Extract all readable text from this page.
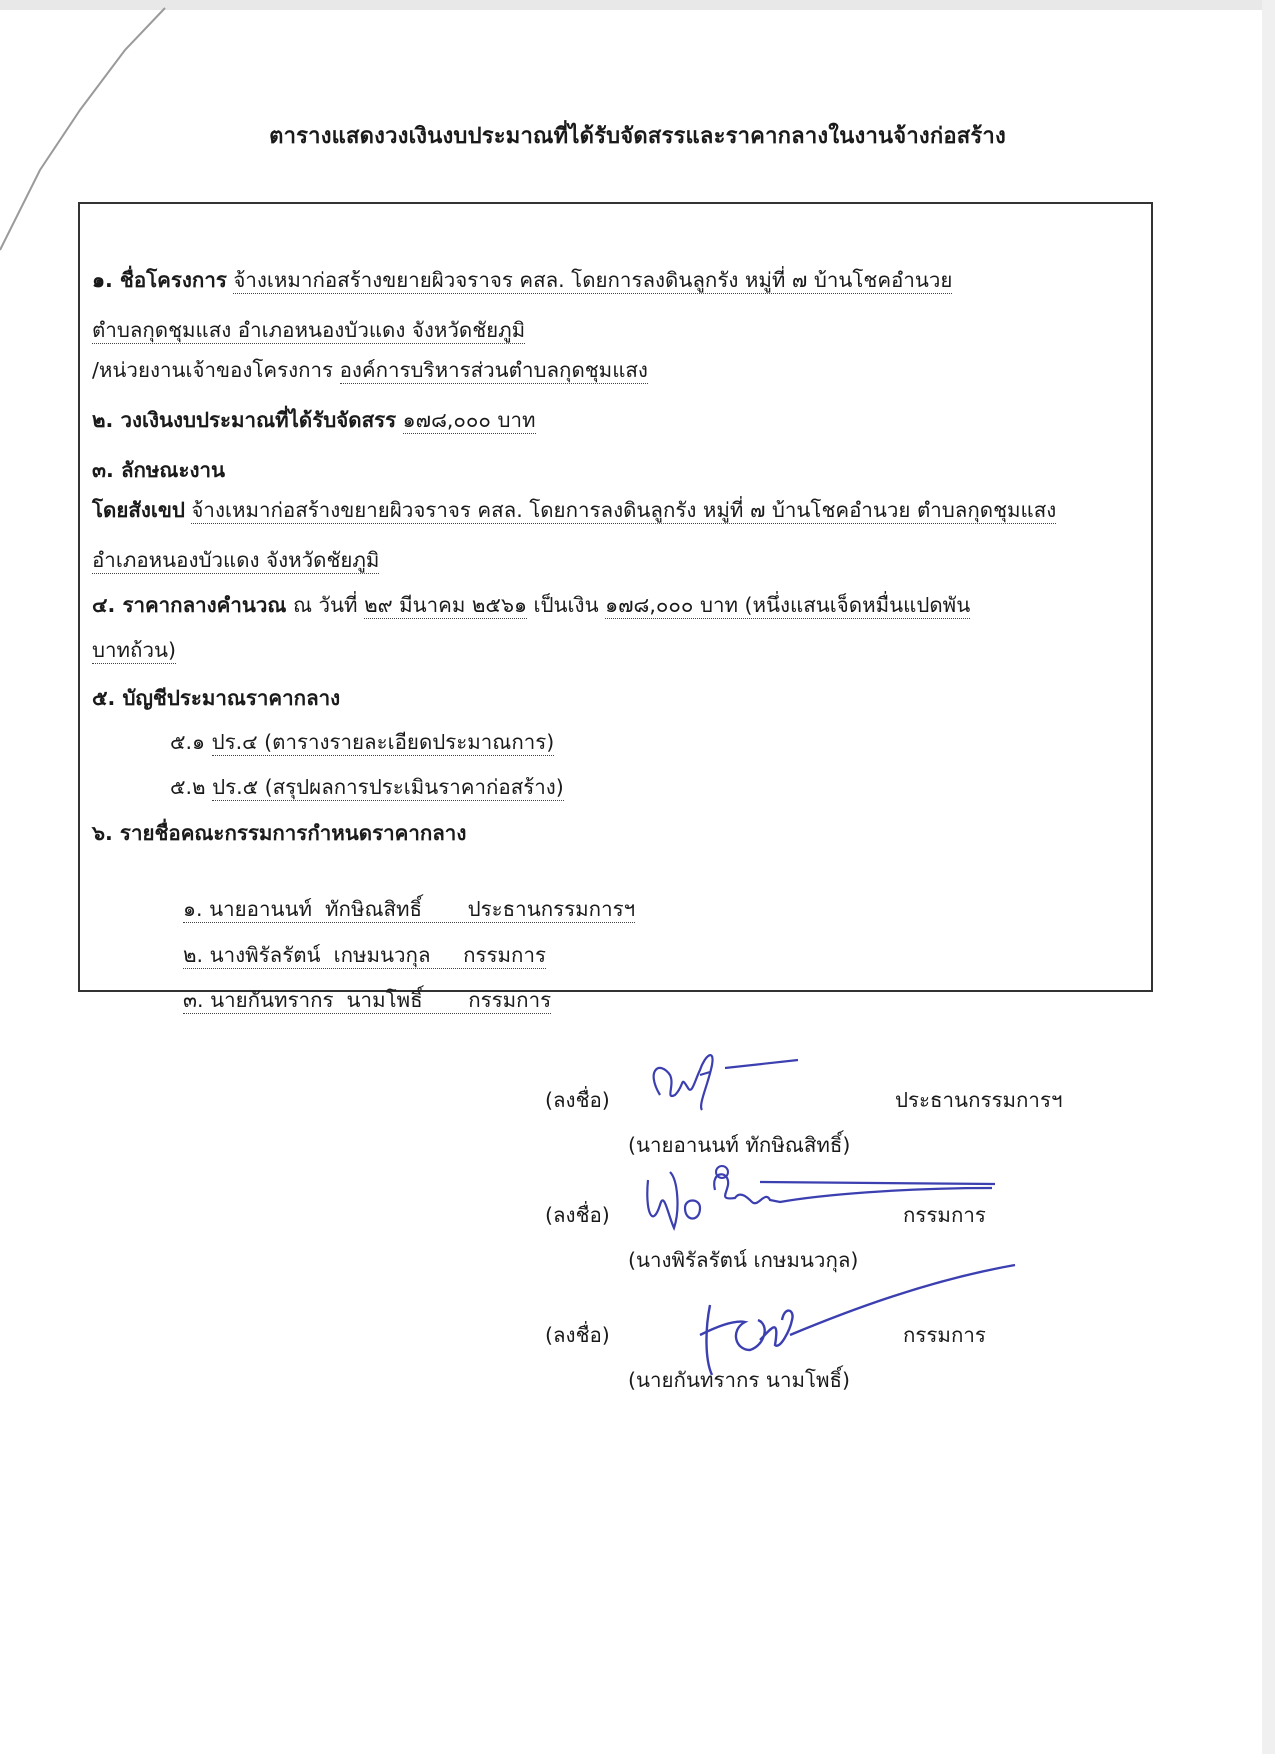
ตารางแสดงวงเงินงบประมาณที่ได้รับจัดสรรและราคากลางในงานจ้างก่อสร้าง
๑. ชื่อโครงการ จ้างเหมาก่อสร้างขยายผิวจราจร คสล. โดยการลงดินลูกรัง หมู่ที่ ๗ บ้านโชคอำนวย
ตำบลกุดชุมแสง อำเภอหนองบัวแดง จังหวัดชัยภูมิ
/หน่วยงานเจ้าของโครงการ องค์การบริหารส่วนตำบลกุดชุมแสง
๒. วงเงินงบประมาณที่ได้รับจัดสรร ๑๗๘,๐๐๐ บาท
๓. ลักษณะงาน
โดยสังเขป จ้างเหมาก่อสร้างขยายผิวจราจร คสล. โดยการลงดินลูกรัง หมู่ที่ ๗ บ้านโชคอำนวย ตำบลกุดชุมแสง
อำเภอหนองบัวแดง จังหวัดชัยภูมิ
๔. ราคากลางคำนวณ ณ วันที่ ๒๙ มีนาคม ๒๕๖๑ เป็นเงิน ๑๗๘,๐๐๐ บาท (หนึ่งแสนเจ็ดหมื่นแปดพัน
บาทถ้วน)
๕. บัญชีประมาณราคากลาง
๕.๑ ปร.๔ (ตารางรายละเอียดประมาณการ)
๕.๒ ปร.๕ (สรุปผลการประเมินราคาก่อสร้าง)
๖. รายชื่อคณะกรรมการกำหนดราคากลาง

๑. นายอานนท์  ทักษิณสิทธิ์       ประธานกรรมการฯ

๒. นางพิรัลรัตน์  เกษมนวกุล     กรรมการ

๓. นายกันทรากร  นามโพธิ์       กรรมการ

(ลงชื่อ)	ประธานกรรมการฯ
(นายอานนท์ ทักษิณสิทธิ์)
(ลงชื่อ)	กรรมการ
(นางพิรัลรัตน์ เกษมนวกุล)
(ลงชื่อ)	กรรมการ
(นายกันทรากร นามโพธิ์)
